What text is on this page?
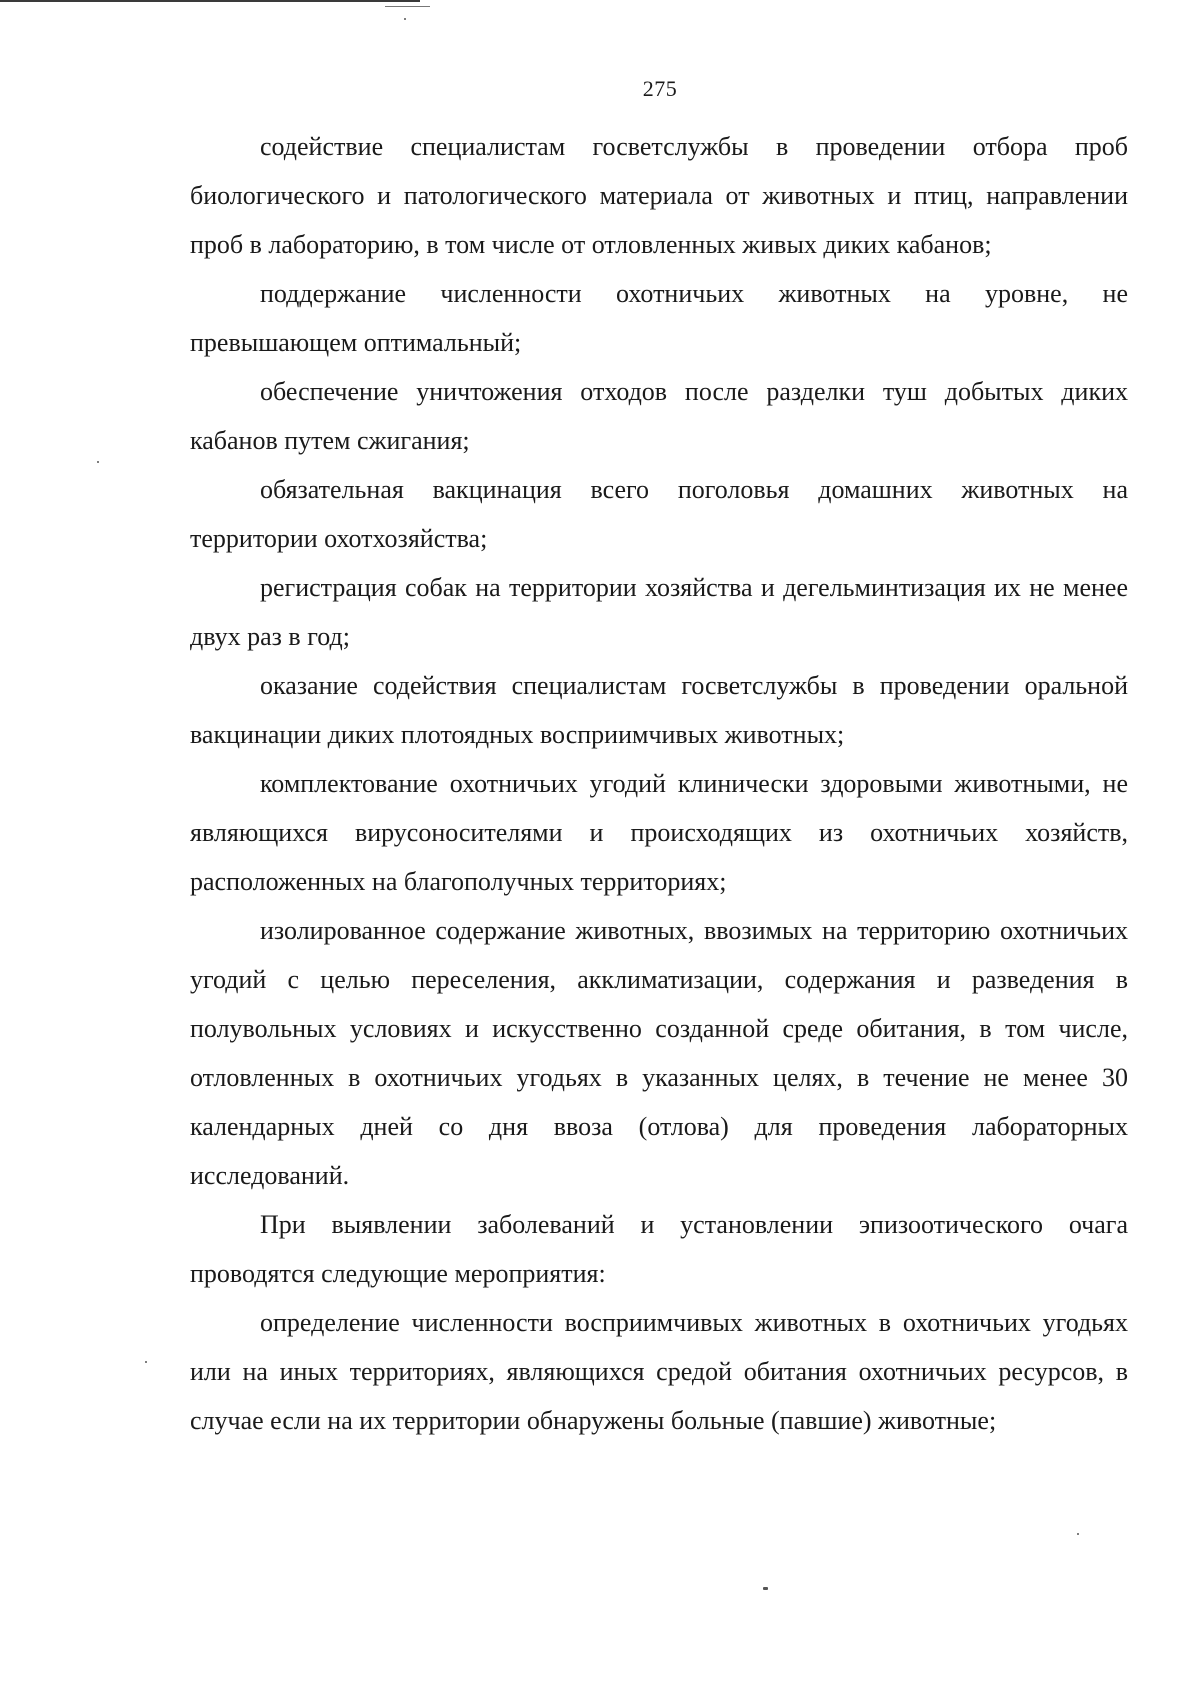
275

содействие специалистам госветслужбы в проведении отбора проб биологического и патологического материала от животных и птиц, направлении проб в лабораторию, в том числе от отловленных живых диких кабанов;

поддержание численности охотничьих животных на уровне, не превышающем оптимальный;

обеспечение уничтожения отходов после разделки туш добытых диких кабанов путем сжигания;

обязательная вакцинация всего поголовья домашних животных на территории охотхозяйства;

регистрация собак на территории хозяйства и дегельминтизация их не менее двух раз в год;

оказание содействия специалистам госветслужбы в проведении оральной вакцинации диких плотоядных восприимчивых животных;

комплектование охотничьих угодий клинически здоровыми животными, не являющихся вирусоносителями и происходящих из охотничьих хозяйств, расположенных на благополучных территориях;

изолированное содержание животных, ввозимых на территорию охотничьих угодий с целью переселения, акклиматизации, содержания и разведения в полувольных условиях и искусственно созданной среде обитания, в том числе, отловленных в охотничьих угодьях в указанных целях, в течение не менее 30 календарных дней со дня ввоза (отлова) для проведения лабораторных исследований.

При выявлении заболеваний и установлении эпизоотического очага проводятся следующие мероприятия:

определение численности восприимчивых животных в охотничьих угодьях или на иных территориях, являющихся средой обитания охотничьих ресурсов, в случае если на их территории обнаружены больные (павшие) животные;
